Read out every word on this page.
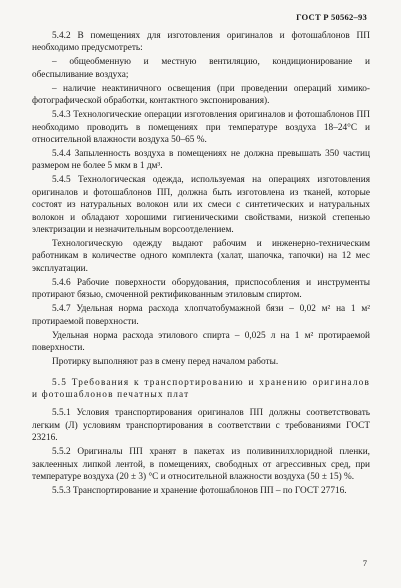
ГОСТ Р 50562–93

5.4.2 В помещениях для изготовления оригиналов и фотошаблонов ПП необходимо предусмотреть:

– общеобменную и местную вентиляцию, кондиционирование и обеспыливание воздуха;

– наличие неактиничного освещения (при проведении операций химико-фотографической обработки, контактного экспонирования).

5.4.3 Технологические операции изготовления оригиналов и фотошаблонов ПП необходимо проводить в помещениях при температуре воздуха 18–24°С и относительной влажности воздуха 50–65 %.

5.4.4 Запыленность воздуха в помещениях не должна превышать 350 частиц размером не более 5 мкм в 1 дм³.

5.4.5 Технологическая одежда, используемая на операциях изготовления оригиналов и фотошаблонов ПП, должна быть изготовлена из тканей, которые состоят из натуральных волокон или их смеси с синтетических и натуральных волокон и обладают хорошими гигиеническими свойствами, низкой степенью электризации и незначительным ворсоотделением.

Технологическую одежду выдают рабочим и инженерно-техническим работникам в количестве одного комплекта (халат, шапочка, тапочки) на 12 мес эксплуатации.

5.4.6 Рабочие поверхности оборудования, приспособления и инструменты протирают бязью, смоченной ректификованным этиловым спиртом.

5.4.7 Удельная норма расхода хлопчатобумажной бязи – 0,02 м² на 1 м² протираемой поверхности.

Удельная норма расхода этилового спирта – 0,025 л на 1 м² протираемой поверхности.

Протирку выполняют раз в смену перед началом работы.

5.5 Требования к транспортированию и хранению оригиналов и фотошаблонов печатных плат

5.5.1 Условия транспортирования оригиналов ПП должны соответствовать легким (Л) условиям транспортирования в соответствии с требованиями ГОСТ 23216.

5.5.2 Оригиналы ПП хранят в пакетах из поливинилхлоридной пленки, заклеенных липкой лентой, в помещениях, свободных от агрессивных сред, при температуре воздуха (20 ± 3) °С и относительной влажности воздуха (50 ± 15) %.

5.5.3 Транспортирование и хранение фотошаблонов ПП – по ГОСТ 27716.

7
